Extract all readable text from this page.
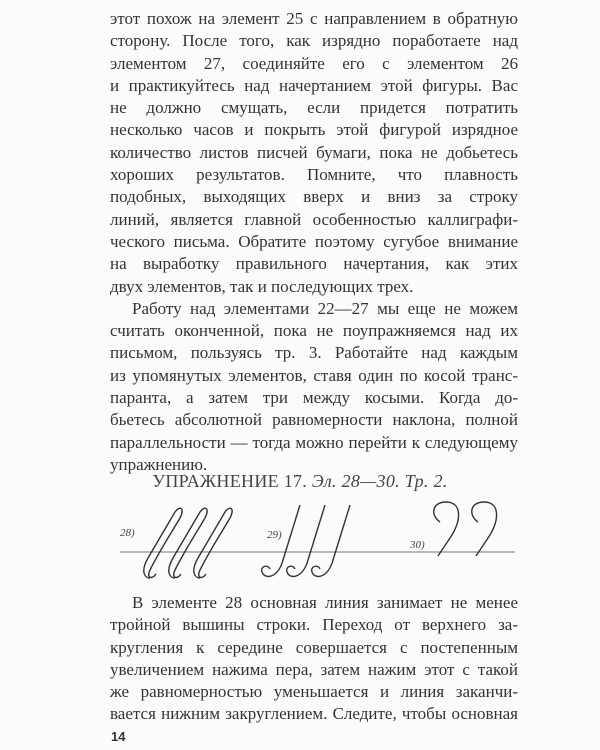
этот похож на элемент 25 с направлением в обратную
сторону. После того, как изрядно поработаете над
элементом 27, соединяйте его с элементом 26
и практикуйтесь над начертанием этой фигуры. Вас
не должно смущать, если придется потратить
несколько часов и покрыть этой фигурой изрядное
количество листов писчей бумаги, пока не добьетесь
хороших результатов. Помните, что плавность
подобных, выходящих вверх и вниз за строку
линий, является главной особенностью каллиграфи-
ческого письма. Обратите поэтому сугубое внимание
на выработку правильного начертания, как этих
двух элементов, так и последующих трех.
Работу над элементами 22—27 мы еще не можем
считать оконченной, пока не поупражняемся над их
письмом, пользуясь тр. 3. Работайте над каждым
из упомянутых элементов, ставя один по косой транс-
паранта, а затем три между косыми. Когда до-
бьетесь абсолютной равномерности наклона, полной
параллельности — тогда можно перейти к следующему
упражнению.
УПРАЖНЕНИЕ 17. Эл. 28—30. Тр. 2.
28)	29)
30)
В элементе 28 основная линия занимает не менее
тройной вышины строки. Переход от верхнего за-
кругления к середине совершается с постепенным
увеличением нажима пера, затем нажим этот с такой
же равномерностью уменьшается и линия заканчи-
вается нижним закруглением. Следите, чтобы основная
14
